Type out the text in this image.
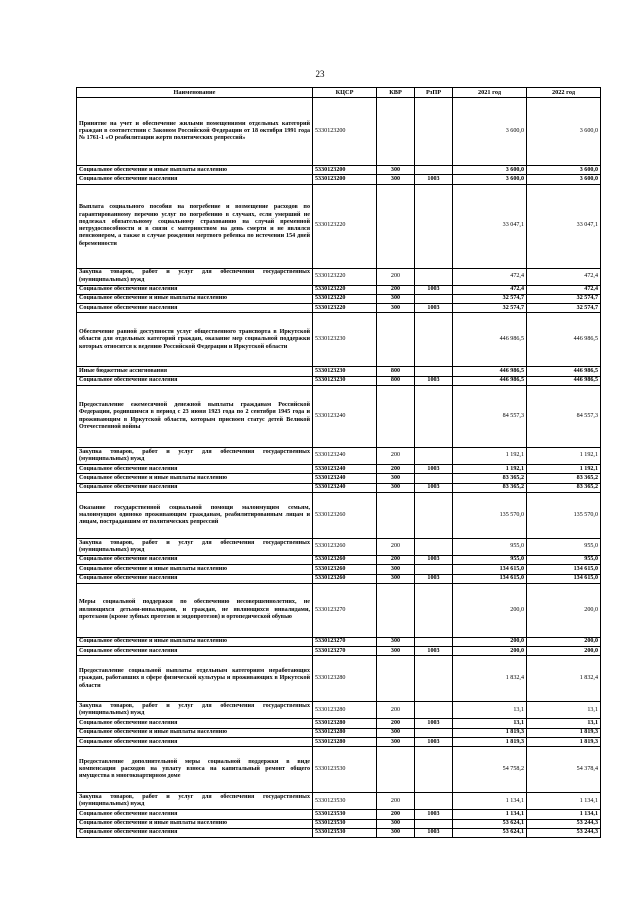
23
Наименование	КЦСР	КВР	РзПР	2021 год	2022 год
Принятие на учет и обеспечение жилыми помещениями отдельных категорий граждан в соответствии с Законом Российской Федерации от 18 октября 1991 года № 1761-1 «О реабилитации жертв политических репрессий»	5330123200			3 600,0	3 600,0
Социальное обеспечение и иные выплаты населению	5330123200	300		3 600,0	3 600,0
Социальное обеспечение населения	5330123200	300	1003	3 600,0	3 600,0
Выплата социального пособия на погребение и возмещение расходов по гарантированному перечню услуг по погребению в случаях, если умерший не подлежал обязательному социальному страхованию на случай временной нетрудоспособности и в связи с материнством на день смерти и не являлся пенсионером, а также в случае рождения мертвого ребенка по истечении 154 дней беременности	5330123220			33 047,1	33 047,1
Закупка товаров, работ и услуг для обеспечения государственных (муниципальных) нужд	5330123220	200		472,4	472,4
Социальное обеспечение населения	5330123220	200	1003	472,4	472,4
Социальное обеспечение и иные выплаты населению	5330123220	300		32 574,7	32 574,7
Социальное обеспечение населения	5330123220	300	1003	32 574,7	32 574,7
Обеспечение равной доступности услуг общественного транспорта в Иркутской области для отдельных категорий граждан, оказание мер социальной поддержки которых относится к ведению Российской Федерации и Иркутской области	5330123230			446 986,5	446 986,5
Иные бюджетные ассигнования	5330123230	800		446 986,5	446 986,5
Социальное обеспечение населения	5330123230	800	1003	446 986,5	446 986,5
Предоставление ежемесячной денежной выплаты гражданам Российской Федерации, родившимся в период с 23 июня 1923 года по 2 сентября 1945 года и проживающим в Иркутской области, которым присвоен статус детей Великой Отечественной войны	5330123240			84 557,3	84 557,3
Закупка товаров, работ и услуг для обеспечения государственных (муниципальных) нужд	5330123240	200		1 192,1	1 192,1
Социальное обеспечение населения	5330123240	200	1003	1 192,1	1 192,1
Социальное обеспечение и иные выплаты населению	5330123240	300		83 365,2	83 365,2
Социальное обеспечение населения	5330123240	300	1003	83 365,2	83 365,2
Оказание государственной социальной помощи малоимущим семьям, малоимущим одиноко проживающим гражданам, реабилитированным лицам и лицам, пострадавшим от политических репрессий	5330123260			135 570,0	135 570,0
Закупка товаров, работ и услуг для обеспечения государственных (муниципальных) нужд	5330123260	200		955,0	955,0
Социальное обеспечение населения	5330123260	200	1003	955,0	955,0
Социальное обеспечение и иные выплаты населению	5330123260	300		134 615,0	134 615,0
Социальное обеспечение населения	5330123260	300	1003	134 615,0	134 615,0
Меры социальной поддержки по обеспечению несовершеннолетних, не являющихся детьми-инвалидами, и граждан, не являющихся инвалидами, протезами (кроме зубных протезов и эндопротезов) и ортопедической обувью	5330123270			200,0	200,0
Социальное обеспечение и иные выплаты населению	5330123270	300		200,0	200,0
Социальное обеспечение населения	5330123270	300	1003	200,0	200,0
Предоставление социальной выплаты отдельным категориям неработающих граждан, работавших в сфере физической культуры и проживающих в Иркутской области	5330123280			1 832,4	1 832,4
Закупка товаров, работ и услуг для обеспечения государственных (муниципальных) нужд	5330123280	200		13,1	13,1
Социальное обеспечение населения	5330123280	200	1003	13,1	13,1
Социальное обеспечение и иные выплаты населению	5330123280	300		1 819,3	1 819,3
Социальное обеспечение населения	5330123280	300	1003	1 819,3	1 819,3
Предоставление дополнительной меры социальной поддержки в виде компенсации расходов на уплату взноса на капитальный ремонт общего имущества в многоквартирном доме	5330123530			54 758,2	54 378,4
Закупка товаров, работ и услуг для обеспечения государственных (муниципальных) нужд	5330123530	200		1 134,1	1 134,1
Социальное обеспечение населения	5330123530	200	1003	1 134,1	1 134,1
Социальное обеспечение и иные выплаты населению	5330123530	300		53 624,1	53 244,3
Социальное обеспечение населения	5330123530	300	1003	53 624,1	53 244,3
